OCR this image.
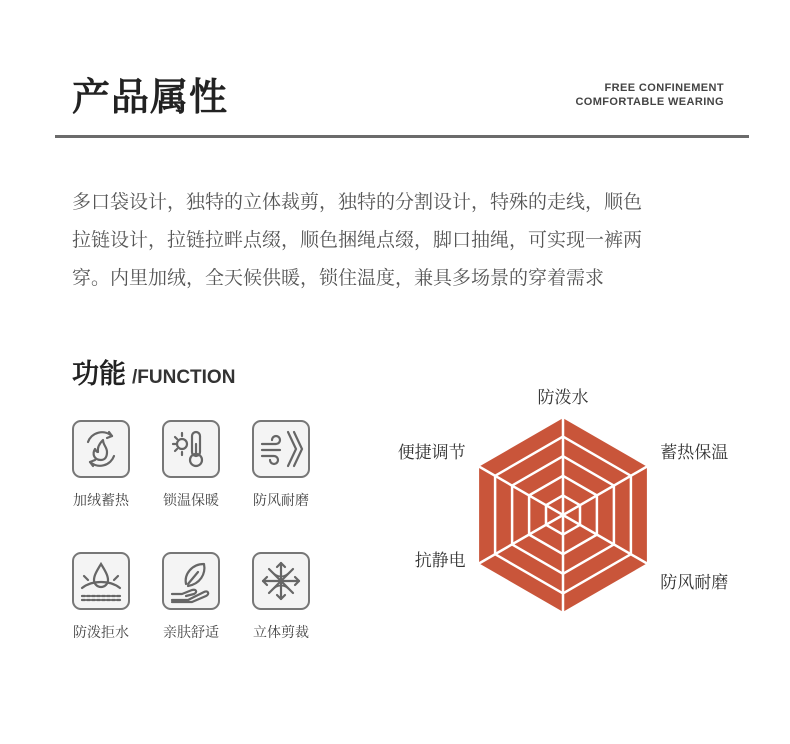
产品属性	FREE CONFINEMENT
COMFORTABLE WEARING
多口袋设计，独特的立体裁剪，独特的分割设计，特殊的走线，顺色
拉链设计，拉链拉畔点缀，顺色捆绳点缀，脚口抽绳，可实现一裤两
穿。内里加绒，全天候供暖，锁住温度，兼具多场景的穿着需求
功能 /FUNCTION
加绒蓄热	锁温保暖	防风耐磨
防泼拒水	亲肤舒适	立体剪裁
防泼水
蓄热保温
防风耐磨
抗静电
便捷调节
